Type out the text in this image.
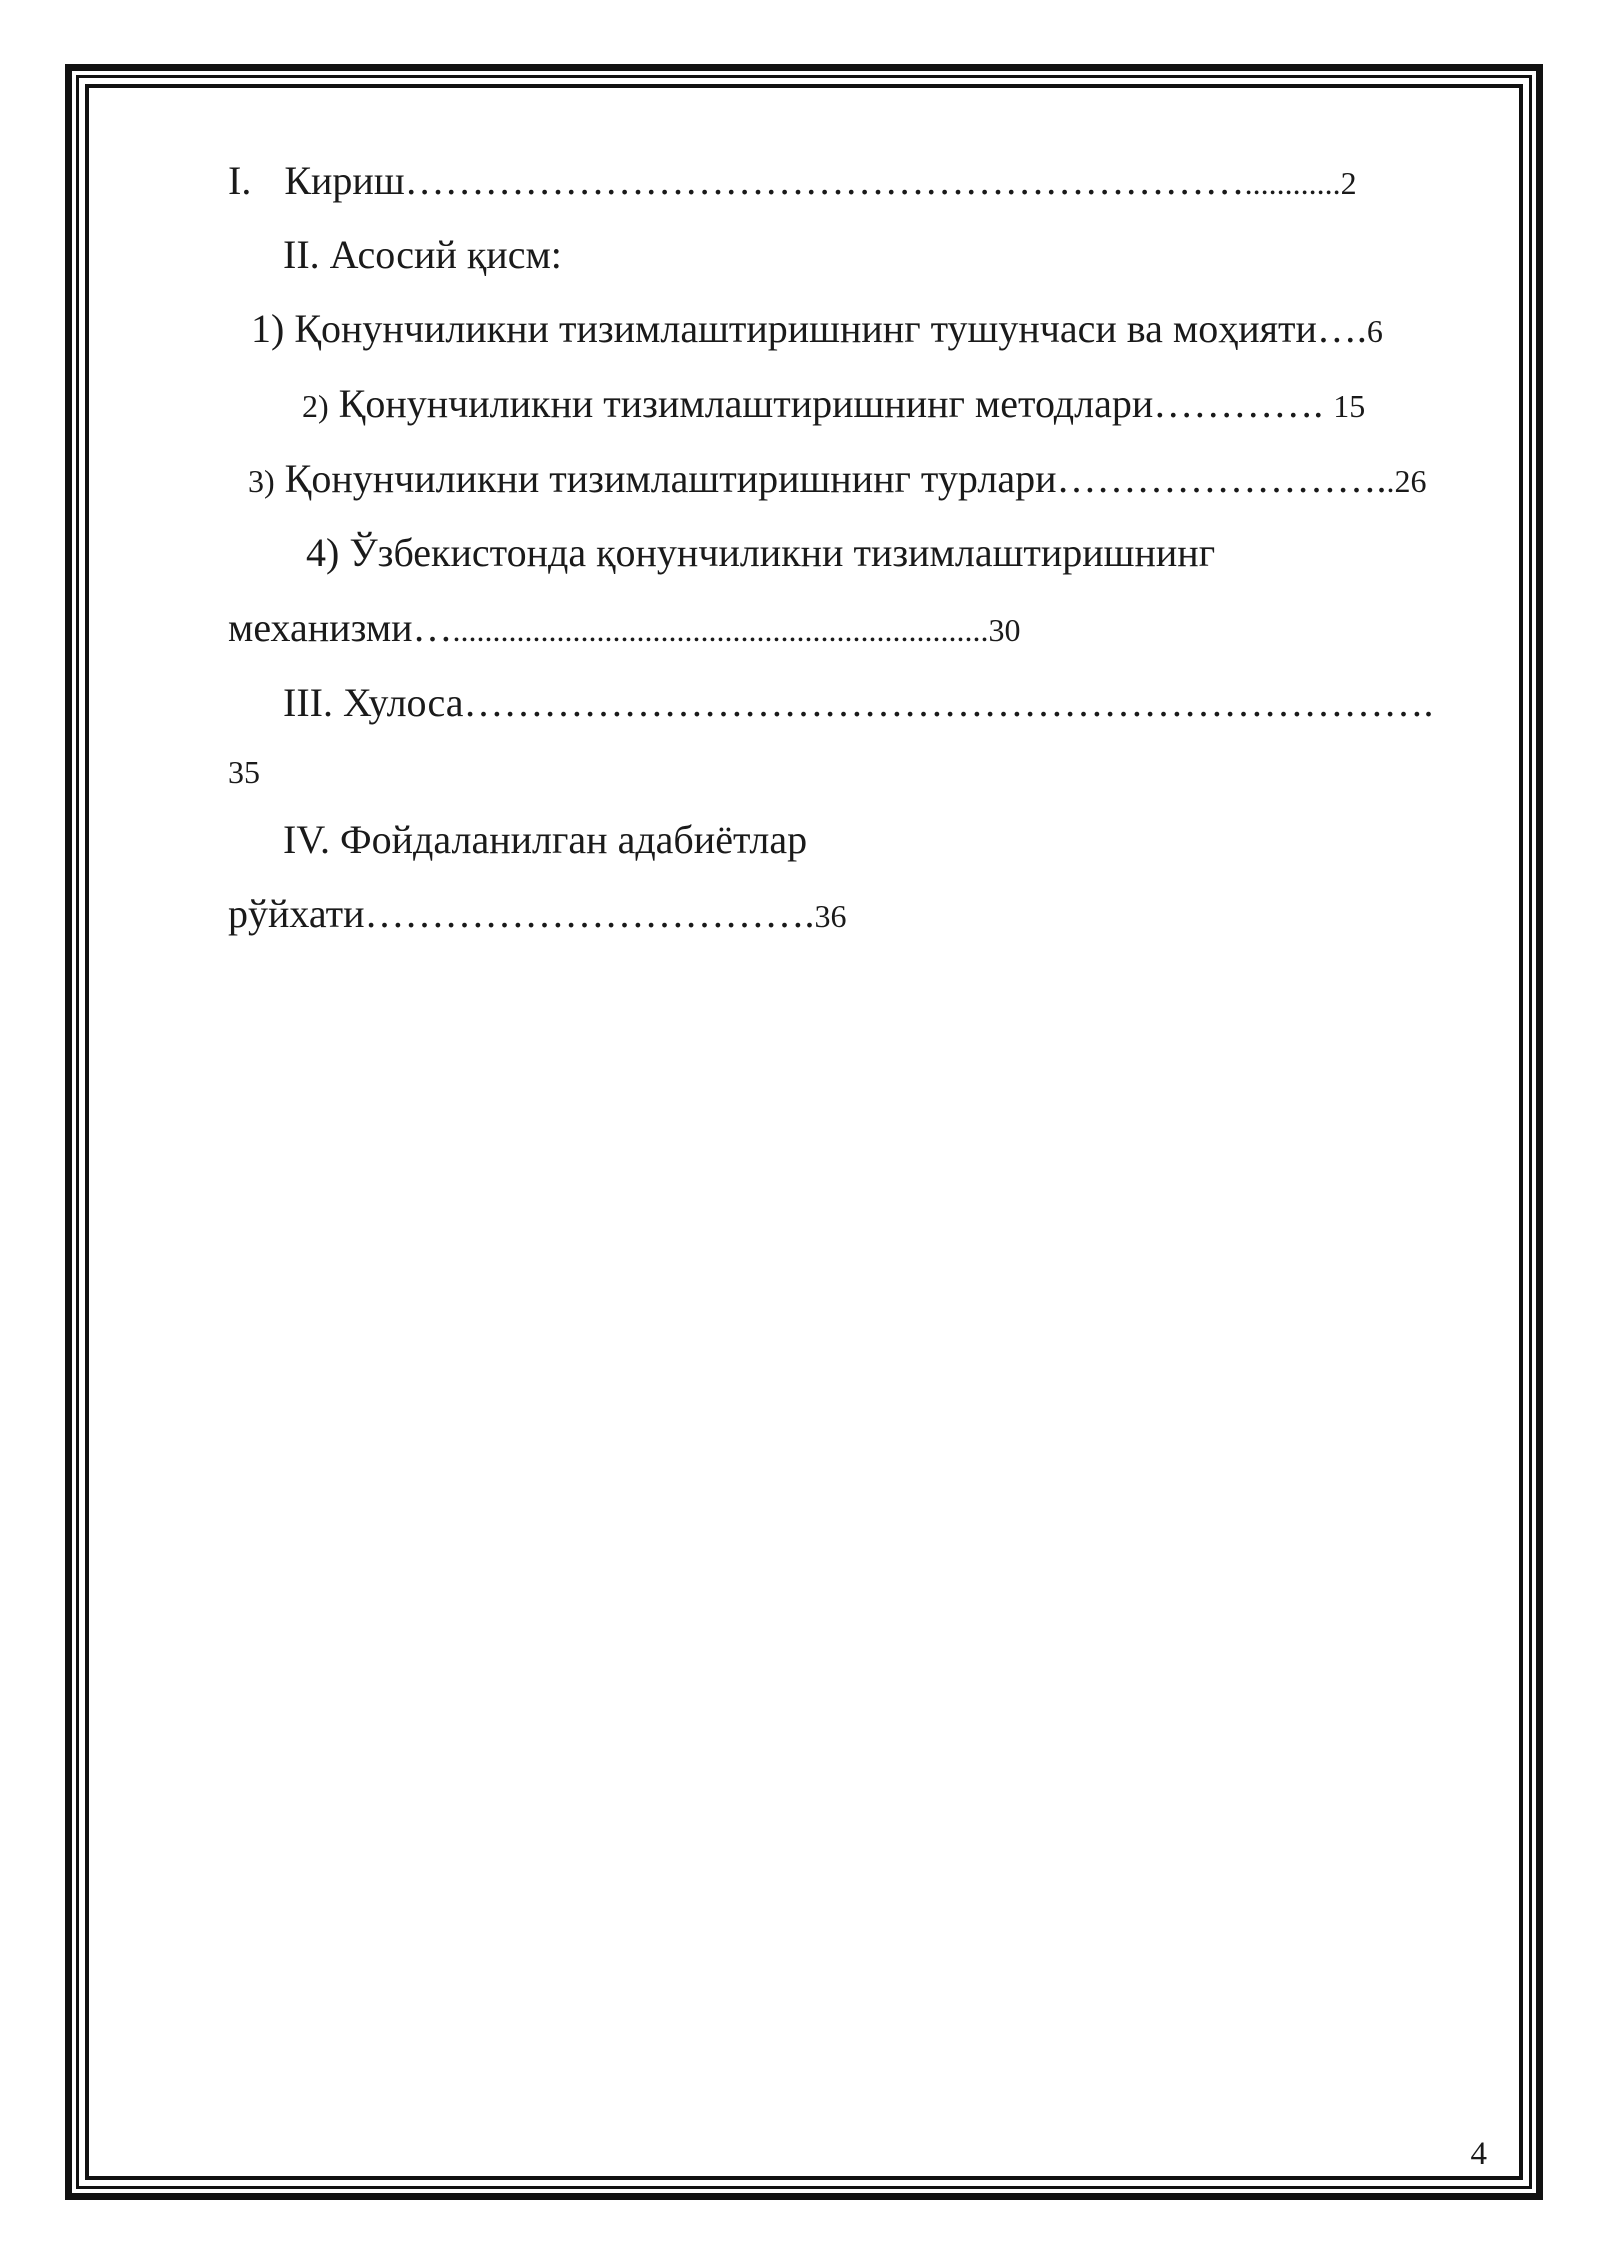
I. Кириш………………………………………………………............2
II. Асосий қисм:
1) Қонунчиликни тизимлаштиришнинг тушунчаси ва моҳияти….6
2) Қонунчиликни тизимлаштиришнинг методлари…………. 15
3) Қонунчиликни тизимлаштиришнинг турлари……………………..26
4) Ўзбекистонда қонунчиликни тизимлаштиришнинг
механизми…...................................................................30
III. Хулоса……………………………………………………………….
35
IV. Фойдаланилган адабиётлар
рўйхати…………………………….36
4
